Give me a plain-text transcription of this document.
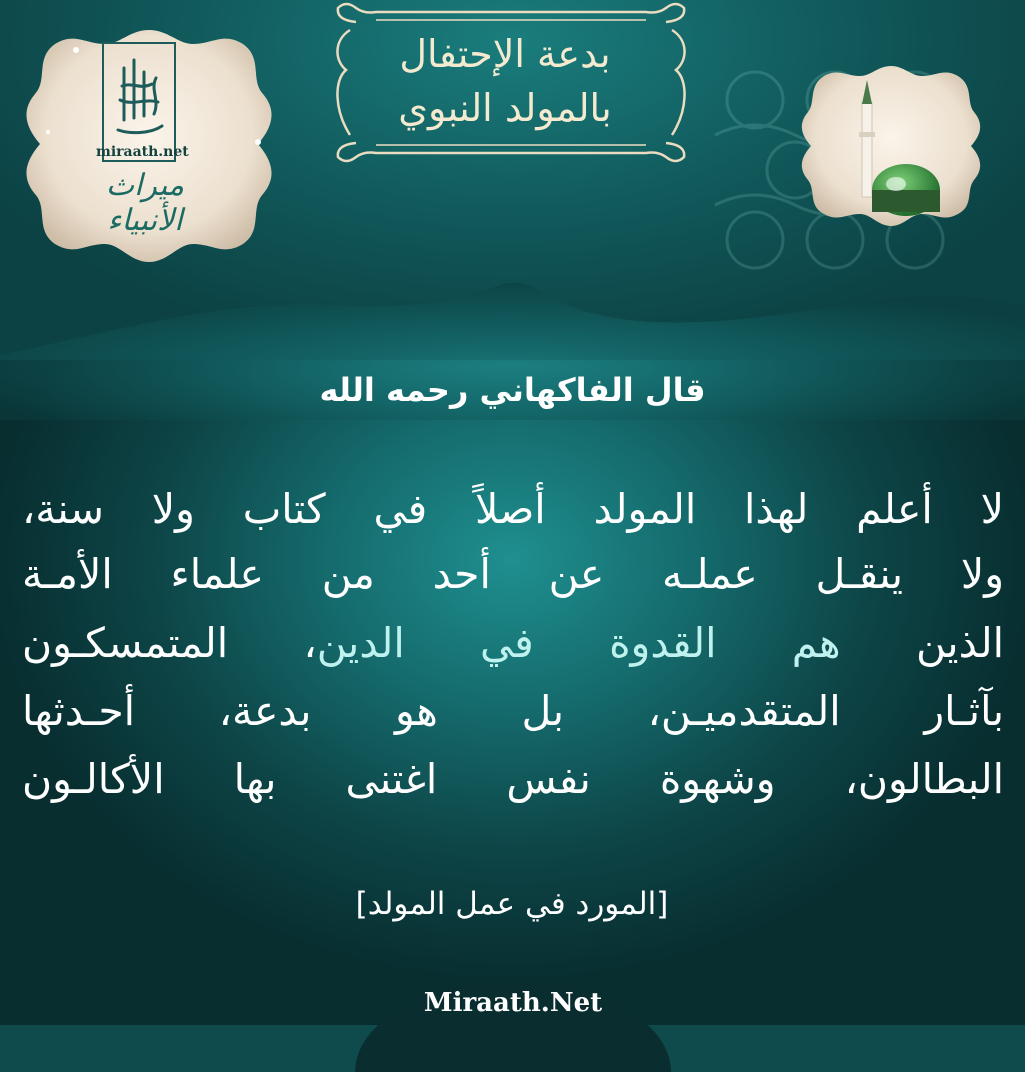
بدعة الإحتفال
بالمولد النبوي
miraath.net
ميراث الأنبياء
قال الفاكهاني رحمه الله
لا أعلم لهذا المولد أصلاً في كتاب ولا سنة،
ولا ينقـل عملـه عن أحد من علماء الأمـة
الذين هم القدوة في الدين، المتمسكـون
بآثـار المتقدميـن، بل هو بدعة، أحـدثها
البطالون، وشهوة نفس اغتنى بها الأكالـون
[المورد في عمل المولد]
Miraath.Net
